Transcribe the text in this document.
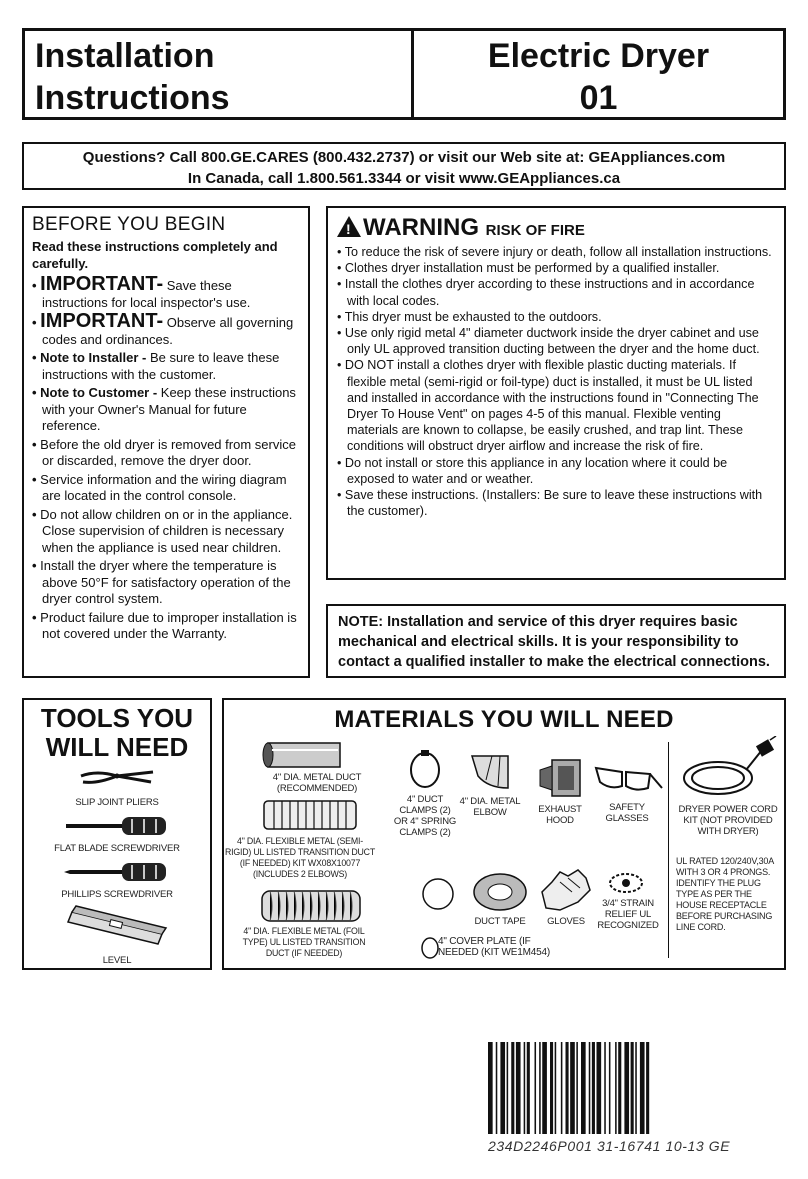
Installation
Instructions
Electric Dryer
01
Questions? Call 800.GE.CARES (800.432.2737) or visit our Web site at: GEAppliances.com
In Canada, call 1.800.561.3344 or visit www.GEAppliances.ca
BEFORE YOU BEGIN
Read these instructions completely and carefully.
• IMPORTANT- Save these instructions for local inspector's use.
• IMPORTANT- Observe all governing codes and ordinances.
• Note to Installer - Be sure to leave these instructions with the customer.
• Note to Customer - Keep these instructions with your Owner's Manual for future reference.
• Before the old dryer is removed from service or discarded, remove the dryer door.
• Service information and the wiring diagram are located in the control console.
• Do not allow children on or in the appliance. Close supervision of children is necessary when the appliance is used near children.
• Install the dryer where the temperature is above 50°F for satisfactory operation of the dryer control system.
• Product failure due to improper installation is not covered under the Warranty.
! WARNING RISK OF FIRE
• To reduce the risk of severe injury or death, follow all installation instructions.
• Clothes dryer installation must be performed by a qualified installer.
• Install the clothes dryer according to these instructions and in accordance with local codes.
• This dryer must be exhausted to the outdoors.
• Use only rigid metal 4" diameter ductwork inside the dryer cabinet and use only UL approved transition ducting between the dryer and the home duct.
• DO NOT install a clothes dryer with flexible plastic ducting materials. If flexible metal (semi-rigid or foil-type) duct is installed, it must be UL listed and installed in accordance with the instructions found in "Connecting The Dryer To House Vent" on pages 4-5 of this manual. Flexible venting materials are known to collapse, be easily crushed, and trap lint. These conditions will obstruct dryer airflow and increase the risk of fire.
• Do not install or store this appliance in any location where it could be exposed to water and or weather.
• Save these instructions. (Installers: Be sure to leave these instructions with the customer).
NOTE: Installation and service of this dryer requires basic mechanical and electrical skills. It is your responsibility to contact a qualified installer to make the electrical connections.
TOOLS YOU
WILL NEED
SLIP JOINT PLIERS
FLAT BLADE SCREWDRIVER
PHILLIPS SCREWDRIVER
LEVEL
MATERIALS YOU WILL NEED
4" DIA. METAL DUCT (RECOMMENDED)
4" DIA. FLEXIBLE METAL (SEMI-RIGID) UL LISTED TRANSITION DUCT (IF NEEDED) KIT WX08X10077 (INCLUDES 2 ELBOWS)
4" DIA. FLEXIBLE METAL (FOIL TYPE) UL LISTED TRANSITION DUCT (IF NEEDED)
4" DUCT CLAMPS (2) OR 4" SPRING CLAMPS (2)
4" DIA. METAL ELBOW	EXHAUST HOOD
SAFETY GLASSES
DUCT TAPE	GLOVES
3/4" STRAIN RELIEF UL RECOGNIZED
4" COVER PLATE (IF NEEDED (KIT WE1M454)
DRYER POWER CORD KIT (NOT PROVIDED WITH DRYER)
UL RATED 120/240V,30A WITH 3 OR 4 PRONGS. IDENTIFY THE PLUG TYPE AS PER THE HOUSE RECEPTACLE BEFORE PURCHASING LINE CORD.
234D2246P001 31-16741 10-13 GE
